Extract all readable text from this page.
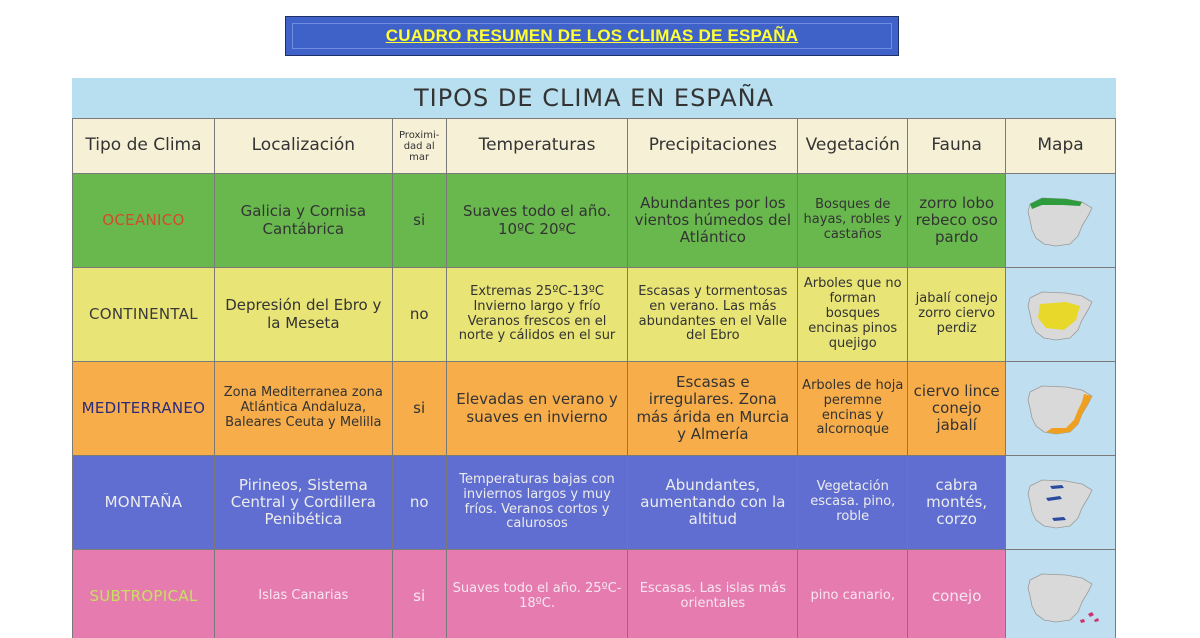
CUADRO RESUMEN DE LOS CLIMAS DE ESPAÑA
TIPOS DE CLIMA EN ESPAÑA
Tipo de Clima	Localización	Proximi-dad al mar	Temperaturas	Precipitaciones	Vegetación	Fauna	Mapa
OCEANICO	Galicia y Cornisa Cantábrica	si	Suaves todo el año. 10ºC 20ºC	Abundantes por los vientos húmedos del Atlántico	Bosques de hayas, robles y castaños	zorro lobo rebeco oso pardo	

CONTINENTAL	Depresión del Ebro y la Meseta	no	Extremas 25ºC-13ºC Invierno largo y frío Veranos frescos en el norte y cálidos en el sur	Escasas y tormentosas en verano. Las más abundantes en el Valle del Ebro	Arboles que no forman bosques encinas pinos quejigo	jabalí conejo zorro ciervo perdiz	

MEDITERRANEO	Zona Mediterranea zona Atlántica Andaluza, Baleares Ceuta y Melilla	si	Elevadas en verano y suaves en invierno	Escasas e irregulares. Zona más árida en Murcia y Almería	Arboles de hoja peremne encinas y alcornoque	ciervo lince conejo jabalí	

MONTAÑA	Pirineos, Sistema Central y Cordillera Penibética	no	Temperaturas bajas con inviernos largos y muy fríos. Veranos cortos y calurosos	Abundantes, aumentando con la altitud	Vegetación escasa. pino, roble	cabra montés, corzo	

SUBTROPICAL	Islas Canarias	si	Suaves todo el año. 25ºC-18ºC.	Escasas. Las islas más orientales	pino canario,	conejo	
